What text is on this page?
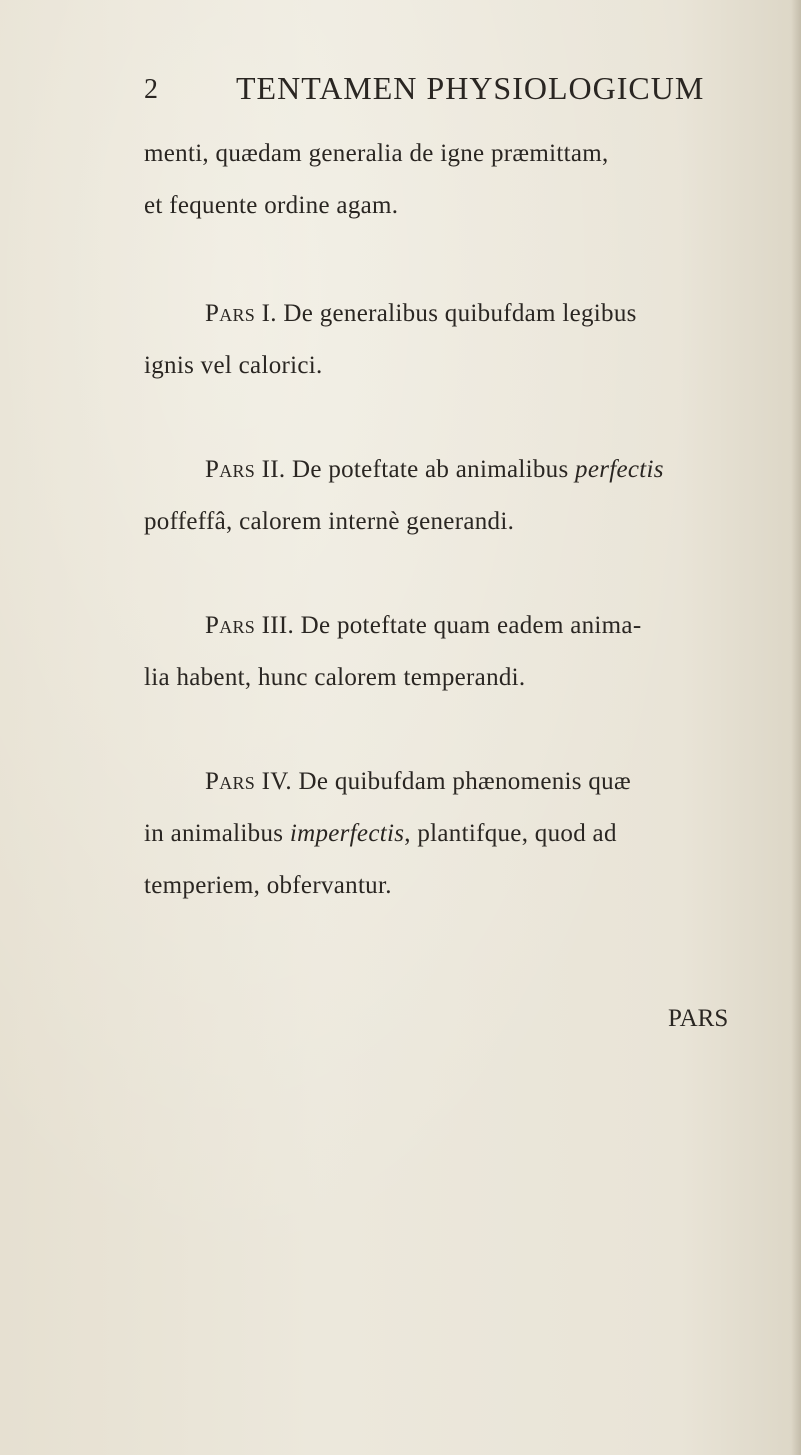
2 TENTAMEN PHYSIOLOGICUM
menti, quædam generalia de igne præmittam,
et fequente ordine agam.
Pars I. De generalibus quibufdam legibus
ignis vel calorici.
Pars II. De poteftate ab animalibus perfectis
poffeffâ, calorem internè generandi.
Pars III. De poteftate quam eadem anima-
lia habent, hunc calorem temperandi.
Pars IV. De quibufdam phænomenis quæ
in animalibus imperfectis, plantifque, quod ad
temperiem, obfervantur.
PARS
